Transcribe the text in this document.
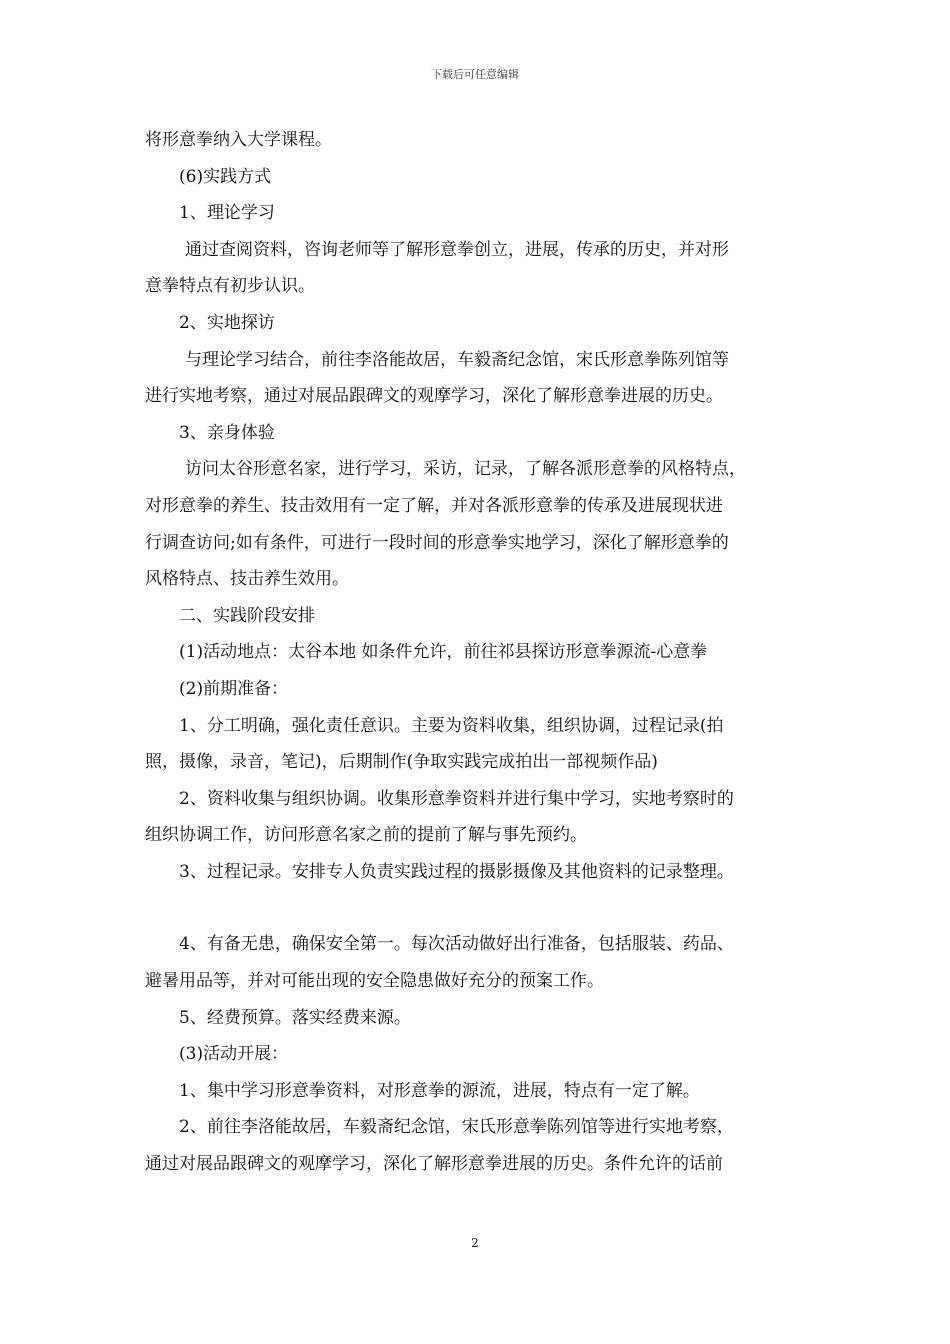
下载后可任意编辑

将形意拳纳入大学课程。

(6)实践方式

1、理论学习

通过查阅资料，咨询老师等了解形意拳创立，进展，传承的历史，并对形

意拳特点有初步认识。

2、实地探访

与理论学习结合，前往李洛能故居，车毅斋纪念馆，宋氏形意拳陈列馆等

进行实地考察，通过对展品跟碑文的观摩学习，深化了解形意拳进展的历史。

3、亲身体验

访问太谷形意名家，进行学习，采访，记录，了解各派形意拳的风格特点，

对形意拳的养生、技击效用有一定了解，并对各派形意拳的传承及进展现状进

行调查访问;如有条件，可进行一段时间的形意拳实地学习，深化了解形意拳的

风格特点、技击养生效用。

二、实践阶段安排

(1)活动地点：太谷本地 如条件允许，前往祁县探访形意拳源流-心意拳

(2)前期准备：

1、分工明确，强化责任意识。主要为资料收集，组织协调，过程记录(拍

照，摄像，录音，笔记)，后期制作(争取实践完成拍出一部视频作品)

2、资料收集与组织协调。收集形意拳资料并进行集中学习，实地考察时的

组织协调工作，访问形意名家之前的提前了解与事先预约。

3、过程记录。安排专人负责实践过程的摄影摄像及其他资料的记录整理。

4、有备无患，确保安全第一。每次活动做好出行准备，包括服装、药品、

避暑用品等，并对可能出现的安全隐患做好充分的预案工作。

5、经费预算。落实经费来源。

(3)活动开展：

1、集中学习形意拳资料，对形意拳的源流，进展，特点有一定了解。

2、前往李洛能故居，车毅斋纪念馆，宋氏形意拳陈列馆等进行实地考察，

通过对展品跟碑文的观摩学习，深化了解形意拳进展的历史。条件允许的话前

2
